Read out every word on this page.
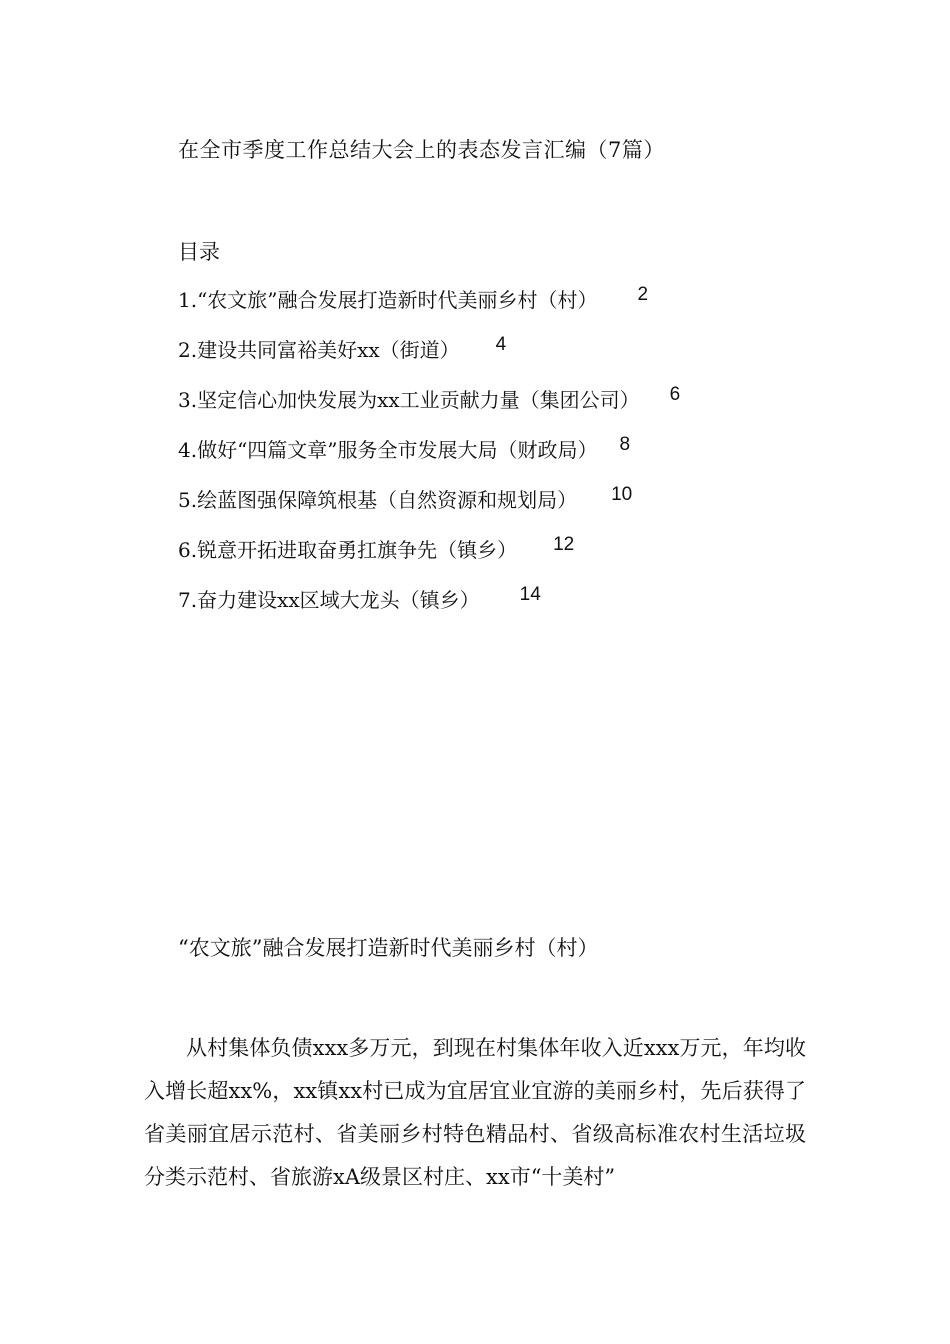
在全市季度工作总结大会上的表态发言汇编（7篇）
目录
1.“农文旅”融合发展打造新时代美丽乡村（村） 2
2.建设共同富裕美好xx（街道） 4
3.坚定信心加快发展为xx工业贡献力量（集团公司） 6
4.做好“四篇文章”服务全市发展大局（财政局） 8
5.绘蓝图强保障筑根基（自然资源和规划局） 10
6.锐意开拓进取奋勇扛旗争先（镇乡） 12
7.奋力建设xx区域大龙头（镇乡） 14
“农文旅”融合发展打造新时代美丽乡村（村）

从村集体负债xxx多万元，到现在村集体年收入近xxx万元，年均收入增长超xx%，xx镇xx村已成为宜居宜业宜游的美丽乡村，先后获得了省美丽宜居示范村、省美丽乡村特色精品村、省级高标准农村生活垃圾分类示范村、省旅游xA级景区村庄、xx市“十美村”
